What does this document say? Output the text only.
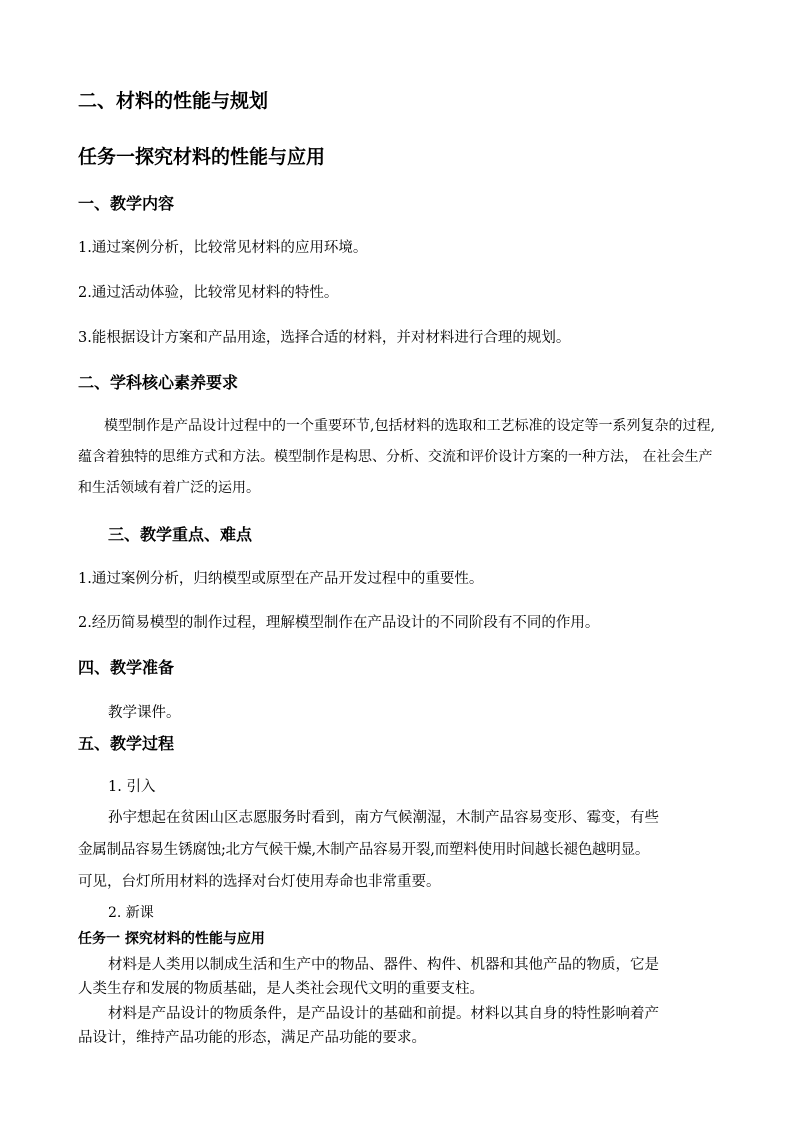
二、材料的性能与规划
任务一探究材料的性能与应用
一、教学内容
1.通过案例分析，比较常见材料的应用环境。
2.通过活动体验，比较常见材料的特性。
3.能根据设计方案和产品用途，选择合适的材料，并对材料进行合理的规划。
二、学科核心素养要求
模型制作是产品设计过程中的一个重要环节,包括材料的选取和工艺标准的设定等一系列复杂的过程,
蕴含着独特的思维方式和方法。模型制作是构思、分析、交流和评价设计方案的一种方法， 在社会生产
和生活领域有着广泛的运用。
三、教学重点、难点
1.通过案例分析，归纳模型或原型在产品开发过程中的重要性。
2.经历简易模型的制作过程，理解模型制作在产品设计的不同阶段有不同的作用。
四、教学准备
教学课件。
五、教学过程
1. 引入
孙宇想起在贫困山区志愿服务时看到，南方气候潮湿，木制产品容易变形、霉变，有些
金属制品容易生锈腐蚀;北方气候干燥,木制产品容易开裂,而塑料使用时间越长褪色越明显。
可见，台灯所用材料的选择对台灯使用寿命也非常重要。
2. 新课
任务一 探究材料的性能与应用
材料是人类用以制成生活和生产中的物品、器件、构件、机器和其他产品的物质，它是
人类生存和发展的物质基础，是人类社会现代文明的重要支柱。
材料是产品设计的物质条件，是产品设计的基础和前提。材料以其自身的特性影响着产
品设计，维持产品功能的形态，满足产品功能的要求。
